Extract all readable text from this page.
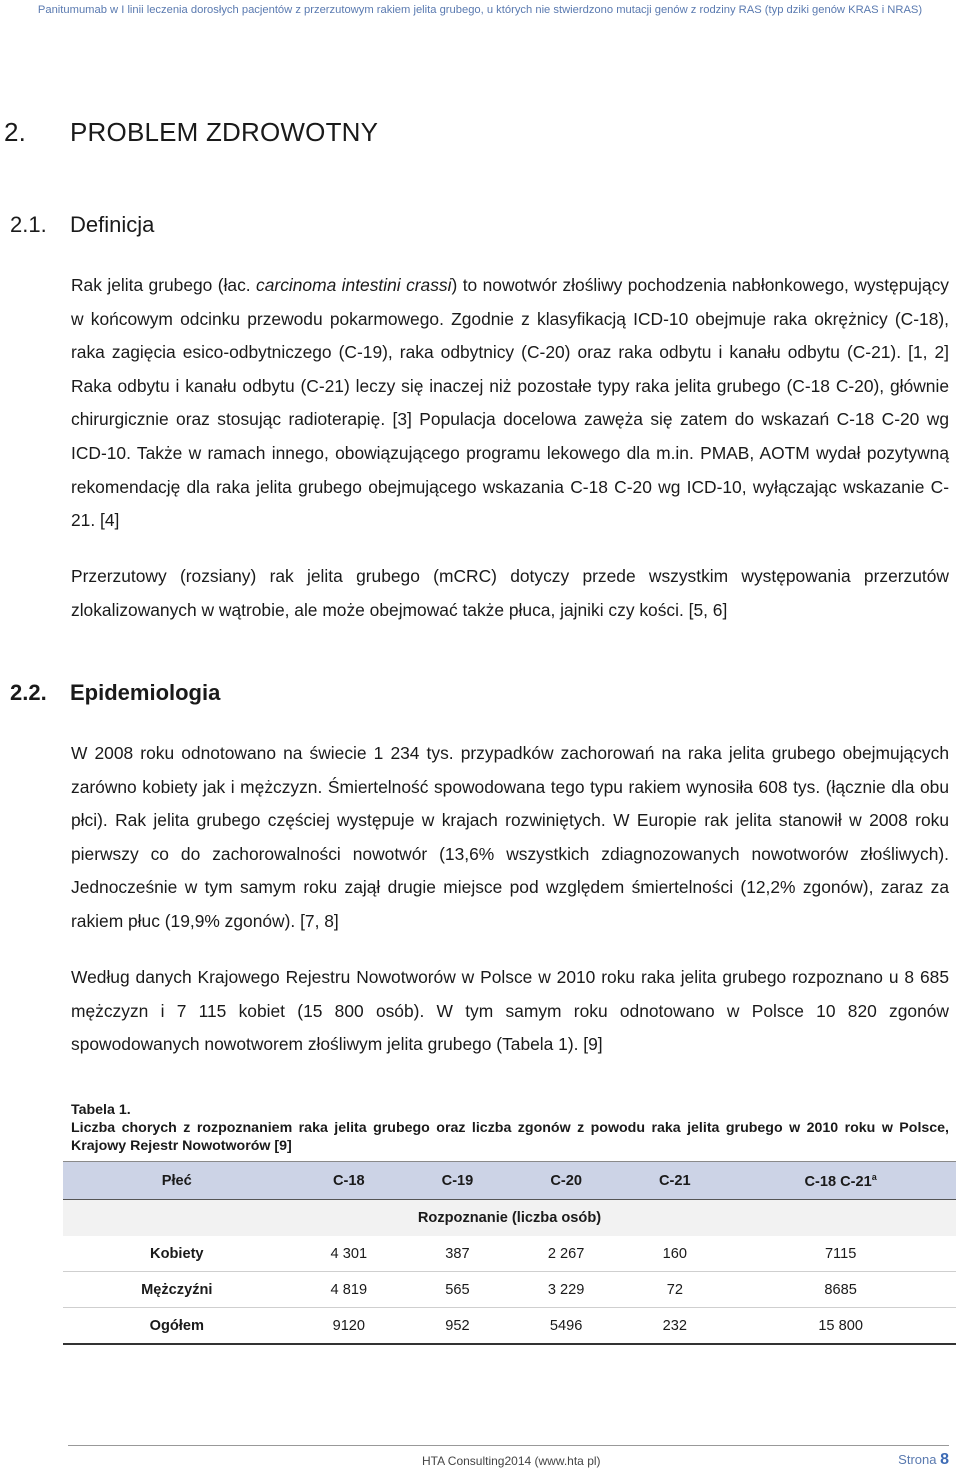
Panitumumab w I linii leczenia dorosłych pacjentów z przerzutowym rakiem jelita grubego, u których nie stwierdzono mutacji genów z rodziny RAS (typ dziki genów KRAS i NRAS)
2. PROBLEM ZDROWOTNY
2.1. Definicja

Rak jelita grubego (łac. carcinoma intestini crassi) to nowotwór złośliwy pochodzenia nabłonkowego, występujący w końcowym odcinku przewodu pokarmowego. Zgodnie z klasyfikacją ICD-10 obejmuje raka okrężnicy (C-18), raka zagięcia esico-odbytniczego (C-19), raka odbytnicy (C-20) oraz raka odbytu i kanału odbytu (C-21). [1, 2] Raka odbytu i kanału odbytu (C-21) leczy się inaczej niż pozostałe typy raka jelita grubego (C-18 C-20), głównie chirurgicznie oraz stosując radioterapię. [3] Populacja docelowa zawęża się zatem do wskazań C-18 C-20 wg ICD-10. Także w ramach innego, obowiązującego programu lekowego dla m.in. PMAB, AOTM wydał pozytywną rekomendację dla raka jelita grubego obejmującego wskazania C-18 C-20 wg ICD-10, wyłączając wskazanie C-21. [4]

Przerzutowy (rozsiany) rak jelita grubego (mCRC) dotyczy przede wszystkim występowania przerzutów zlokalizowanych w wątrobie, ale może obejmować także płuca, jajniki czy kości. [5, 6]

2.2. Epidemiologia

W 2008 roku odnotowano na świecie 1 234 tys. przypadków zachorowań na raka jelita grubego obejmujących zarówno kobiety jak i mężczyzn. Śmiertelność spowodowana tego typu rakiem wynosiła 608 tys. (łącznie dla obu płci). Rak jelita grubego częściej występuje w krajach rozwiniętych. W Europie rak jelita stanowił w 2008 roku pierwszy co do zachorowalności nowotwór (13,6% wszystkich zdiagnozowanych nowotworów złośliwych). Jednocześnie w tym samym roku zajął drugie miejsce pod względem śmiertelności (12,2% zgonów), zaraz za rakiem płuc (19,9% zgonów). [7, 8]

Według danych Krajowego Rejestru Nowotworów w Polsce w 2010 roku raka jelita grubego rozpoznano u 8 685 mężczyzn i 7 115 kobiet (15 800 osób). W tym samym roku odnotowano w Polsce 10 820 zgonów spowodowanych nowotworem złośliwym jelita grubego (Tabela 1). [9]

Tabela 1.
Liczba chorych z rozpoznaniem raka jelita grubego oraz liczba zgonów z powodu raka jelita grubego w 2010 roku w Polsce, Krajowy Rejestr Nowotworów [9]
Płeć	C-18	C-19	C-20	C-21	C-18 C-21$^a$
Rozpoznanie (liczba osób)					
Kobiety	4 301	387	2 267	160	7115
Mężczyźni	4 819	565	3 229	72	8685
Ogółem	9120	952	5496	232	15 800
HTA Consulting2014 (www.hta pl)	Strona 8
